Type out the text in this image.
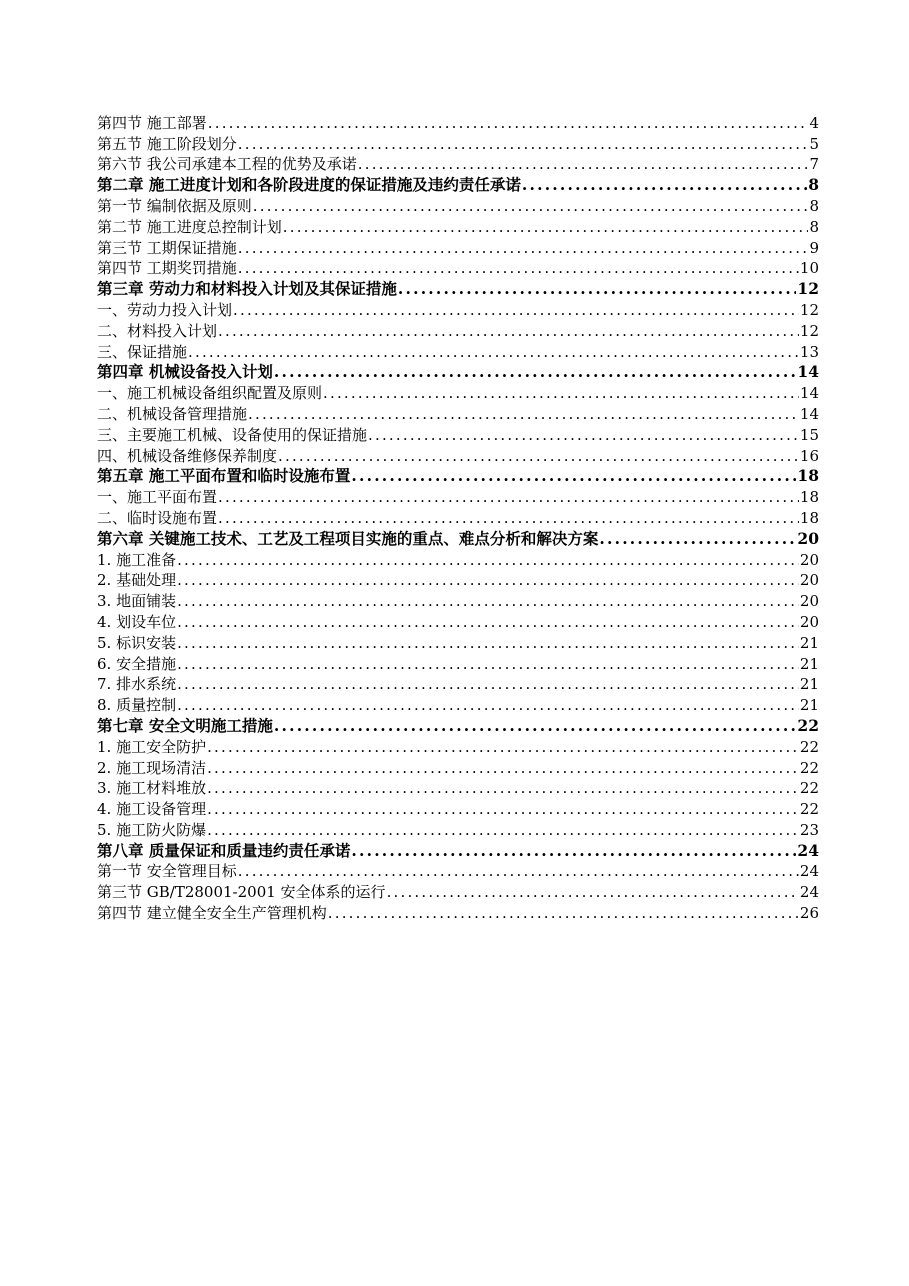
第四节 施工部署 .....	4
第五节 施工阶段划分 .....	5
第六节 我公司承建本工程的优势及承诺 .....	7
第二章 施工进度计划和各阶段进度的保证措施及违约责任承诺 .....	8
第一节 编制依据及原则 .....	8
第二节 施工进度总控制计划 .....	8
第三节 工期保证措施 .....	9
第四节 工期奖罚措施 .....	10
第三章 劳动力和材料投入计划及其保证措施 .....	12
一、劳动力投入计划 .....	12
二、材料投入计划 .....	12
三、保证措施 .....	13
第四章 机械设备投入计划 .....	14
一、施工机械设备组织配置及原则 .....	14
二、机械设备管理措施 .....	14
三、主要施工机械、设备使用的保证措施 .....	15
四、机械设备维修保养制度 .....	16
第五章 施工平面布置和临时设施布置 .....	18
一、施工平面布置 .....	18
二、临时设施布置 .....	18
第六章 关键施工技术、工艺及工程项目实施的重点、难点分析和解决方案 .....	20
1. 施工准备 .....	20
2. 基础处理 .....	20
3. 地面铺装 .....	20
4. 划设车位 .....	20
5. 标识安装 .....	21
6. 安全措施 .....	21
7. 排水系统 .....	21
8. 质量控制 .....	21
第七章 安全文明施工措施 .....	22
1. 施工安全防护 .....	22
2. 施工现场清洁 .....	22
3. 施工材料堆放 .....	22
4. 施工设备管理 .....	22
5. 施工防火防爆 .....	23
第八章 质量保证和质量违约责任承诺 .....	24
第一节 安全管理目标 .....	24
第三节 GB/T28001-2001 安全体系的运行 .....	24
第四节 建立健全安全生产管理机构 .....	26
